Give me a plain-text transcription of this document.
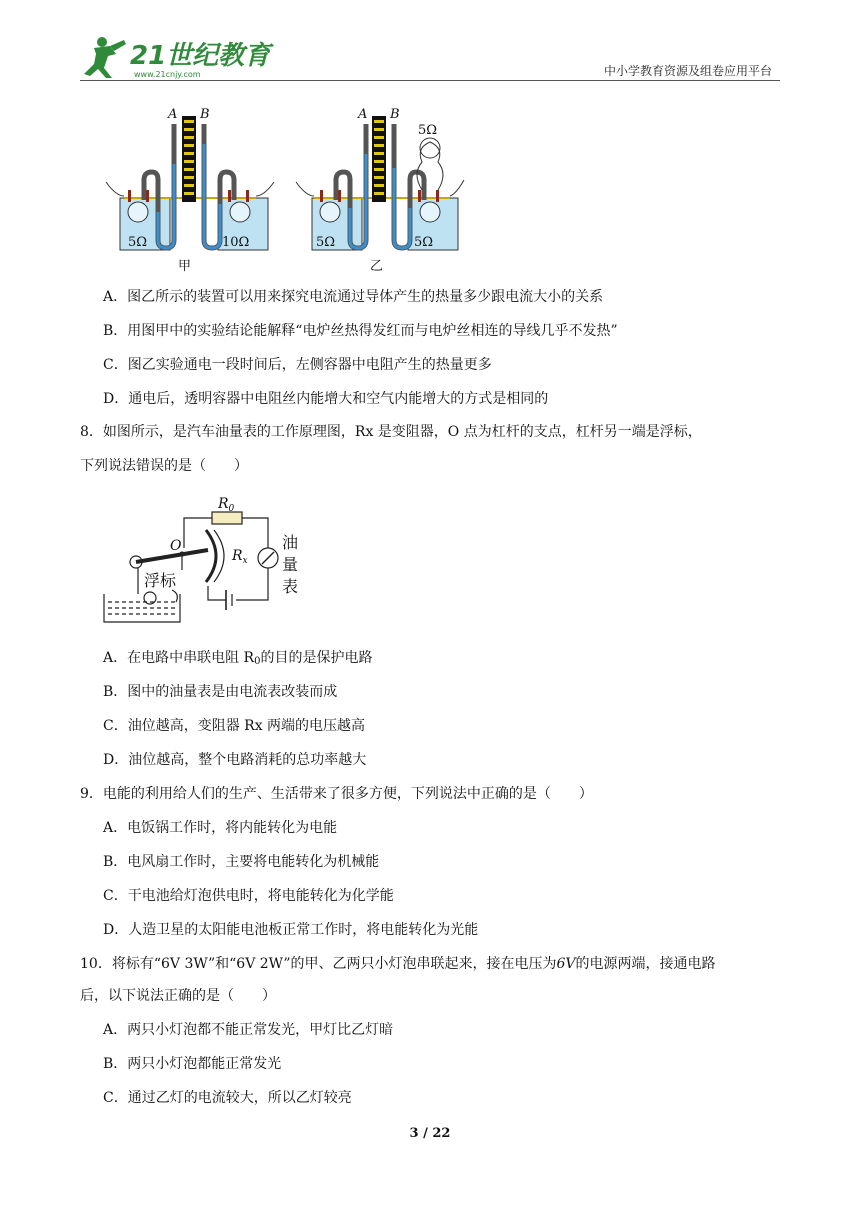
21世纪教育
www.21cnjy.com	中小学教育资源及组卷应用平台
5Ω	10Ω
A B
甲
5Ω	5Ω
5Ω
A B
乙
A．图乙所示的装置可以用来探究电流通过导体产生的热量多少跟电流大小的关系
B．用图甲中的实验结论能解释“电炉丝热得发红而与电炉丝相连的导线几乎不发热”
C．图乙实验通电一段时间后，左侧容器中电阻产生的热量更多
D．通电后，透明容器中电阻丝内能增大和空气内能增大的方式是相同的
8．如图所示，是汽车油量表的工作原理图，Rx 是变阻器，O 点为杠杆的支点，杠杆另一端是浮标，
下列说法错误的是（　　）
$R_0$
O
$R_x$
浮标
油
量
表
A．在电路中串联电阻 $R_0$的目的是保护电路
B．图中的油量表是由电流表改装而成
C．油位越高，变阻器 Rx 两端的电压越高
D．油位越高，整个电路消耗的总功率越大
9．电能的利用给人们的生产、生活带来了很多方便，下列说法中正确的是（　　）
A．电饭锅工作时，将内能转化为电能
B．电风扇工作时，主要将电能转化为机械能
C．干电池给灯泡供电时，将电能转化为化学能
D．人造卫星的太阳能电池板正常工作时，将电能转化为光能
10．将标有“6V 3W”和“6V 2W”的甲、乙两只小灯泡串联起来，接在电压为6V的电源两端，接通电路
后，以下说法正确的是（　　）
A．两只小灯泡都不能正常发光，甲灯比乙灯暗
B．两只小灯泡都能正常发光
C．通过乙灯的电流较大，所以乙灯较亮
3 / 22
